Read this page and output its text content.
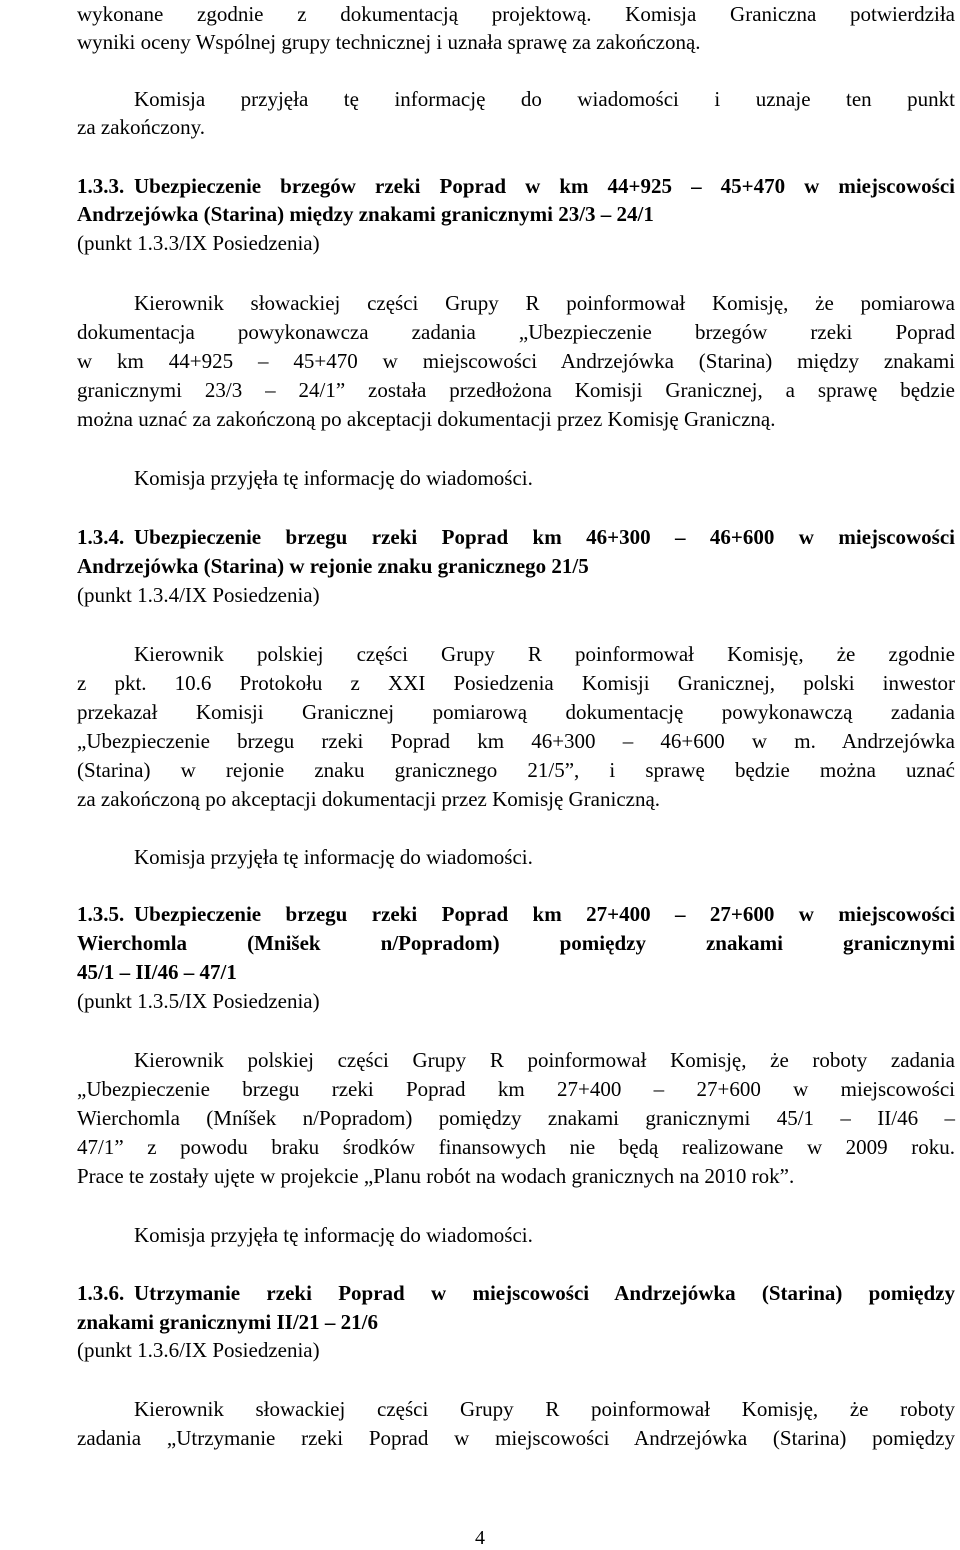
wykonane zgodnie z dokumentacją projektową. Komisja Graniczna potwierdziła
wyniki oceny Wspólnej grupy technicznej i uznała sprawę za zakończoną.
Komisja przyjęła tę informację do wiadomości i uznaje ten punkt
za zakończony.
1.3.3. Ubezpieczenie brzegów rzeki Poprad w km 44+925 – 45+470 w miejscowości
Andrzejówka (Starina) między znakami granicznymi 23/3 – 24/1
(punkt 1.3.3/IX Posiedzenia)
Kierownik słowackiej części Grupy R poinformował Komisję, że pomiarowa
dokumentacja powykonawcza zadania „Ubezpieczenie brzegów rzeki Poprad
w km 44+925 – 45+470 w miejscowości Andrzejówka (Starina) między znakami
granicznymi 23/3 – 24/1” została przedłożona Komisji Granicznej, a sprawę będzie
można uznać za zakończoną po akceptacji dokumentacji przez Komisję Graniczną.
Komisja przyjęła tę informację do wiadomości.
1.3.4. Ubezpieczenie brzegu rzeki Poprad km 46+300 – 46+600 w miejscowości
Andrzejówka (Starina) w rejonie znaku granicznego 21/5
(punkt 1.3.4/IX Posiedzenia)
Kierownik polskiej części Grupy R poinformował Komisję, że zgodnie
z pkt. 10.6 Protokołu z XXI Posiedzenia Komisji Granicznej, polski inwestor
przekazał Komisji Granicznej pomiarową dokumentację powykonawczą zadania
„Ubezpieczenie brzegu rzeki Poprad km 46+300 – 46+600 w m. Andrzejówka
(Starina) w rejonie znaku granicznego 21/5”, i sprawę będzie można uznać
za zakończoną po akceptacji dokumentacji przez Komisję Graniczną.
Komisja przyjęła tę informację do wiadomości.
1.3.5. Ubezpieczenie brzegu rzeki Poprad km 27+400 – 27+600 w miejscowości
Wierchomla (Mnišek n/Popradom) pomiędzy znakami granicznymi
45/1 – II/46 – 47/1
(punkt 1.3.5/IX Posiedzenia)
Kierownik polskiej części Grupy R poinformował Komisję, że roboty zadania
„Ubezpieczenie brzegu rzeki Poprad km 27+400 – 27+600 w miejscowości
Wierchomla (Mníšek n/Popradom) pomiędzy znakami granicznymi 45/1 – II/46 –
47/1” z powodu braku środków finansowych nie będą realizowane w 2009 roku.
Prace te zostały ujęte w projekcie „Planu robót na wodach granicznych na 2010 rok”.
Komisja przyjęła tę informację do wiadomości.
1.3.6. Utrzymanie rzeki Poprad w miejscowości Andrzejówka (Starina) pomiędzy
znakami granicznymi II/21 – 21/6
(punkt 1.3.6/IX Posiedzenia)
Kierownik słowackiej części Grupy R poinformował Komisję, że roboty
zadania „Utrzymanie rzeki Poprad w miejscowości Andrzejówka (Starina) pomiędzy
4
